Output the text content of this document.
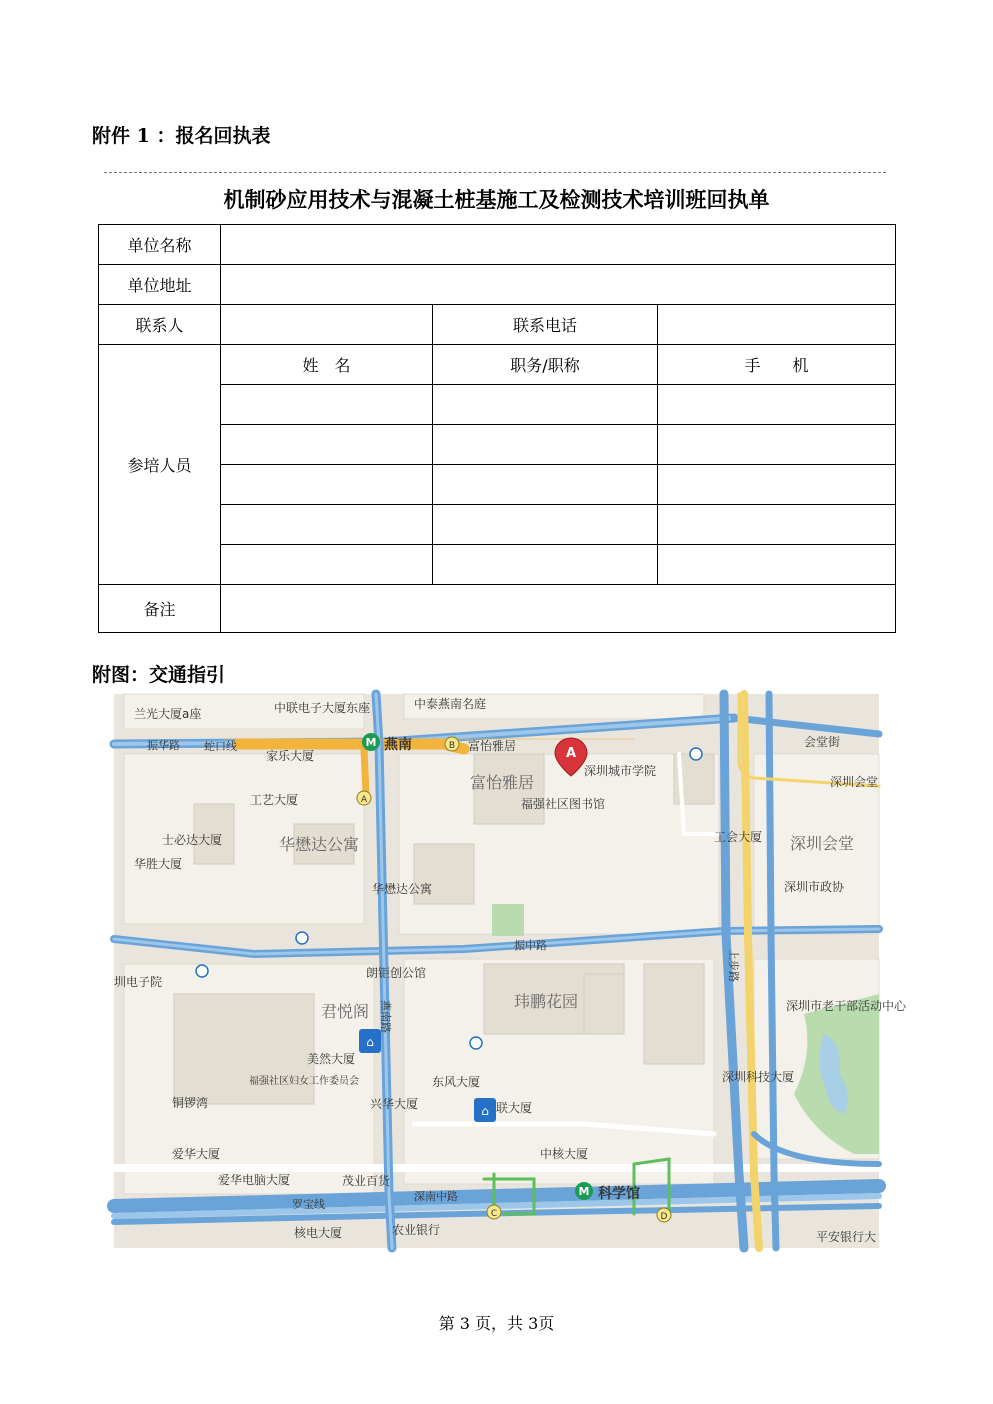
附件 1 ：报名回执表
机制砂应用技术与混凝土桩基施工及检测技术培训班回执单
单位名称			
单位地址			
联系人		联系电话	
参培人员	姓　名	职务/职称	手　　机

备注			
附图：交通指引
A
M
M
⌂
⌂
兰光大厦a座	中联电子大厦东座
家乐大厦
工艺大厦
士必达大厦
华胜大厦
华懋达公寓
华懋达公寓
朗钜创公馆
君悦阁
美然大厦
福强社区妇女工作委员会
铜锣湾	兴华大厦
东风大厦
爱华大厦
爱华电脑大厦	茂业百货
核电大厦	农业银行
富怡雅居
富怡雅居
福强社区图书馆
深圳城市学院
工会大厦 深圳会堂
深圳会堂
深圳市政协
玮鹏花园	深圳市老干部活动中心
深圳科技大厦
中核大厦
联大厦
平安银行大
圳电子院
中泰燕南名庭
会堂街
振华路
振中路
深南中路
燕南路
上步路
罗宝线
蛇口线	燕南
科学馆
A
B
C	D
第 3 页，共 3页
